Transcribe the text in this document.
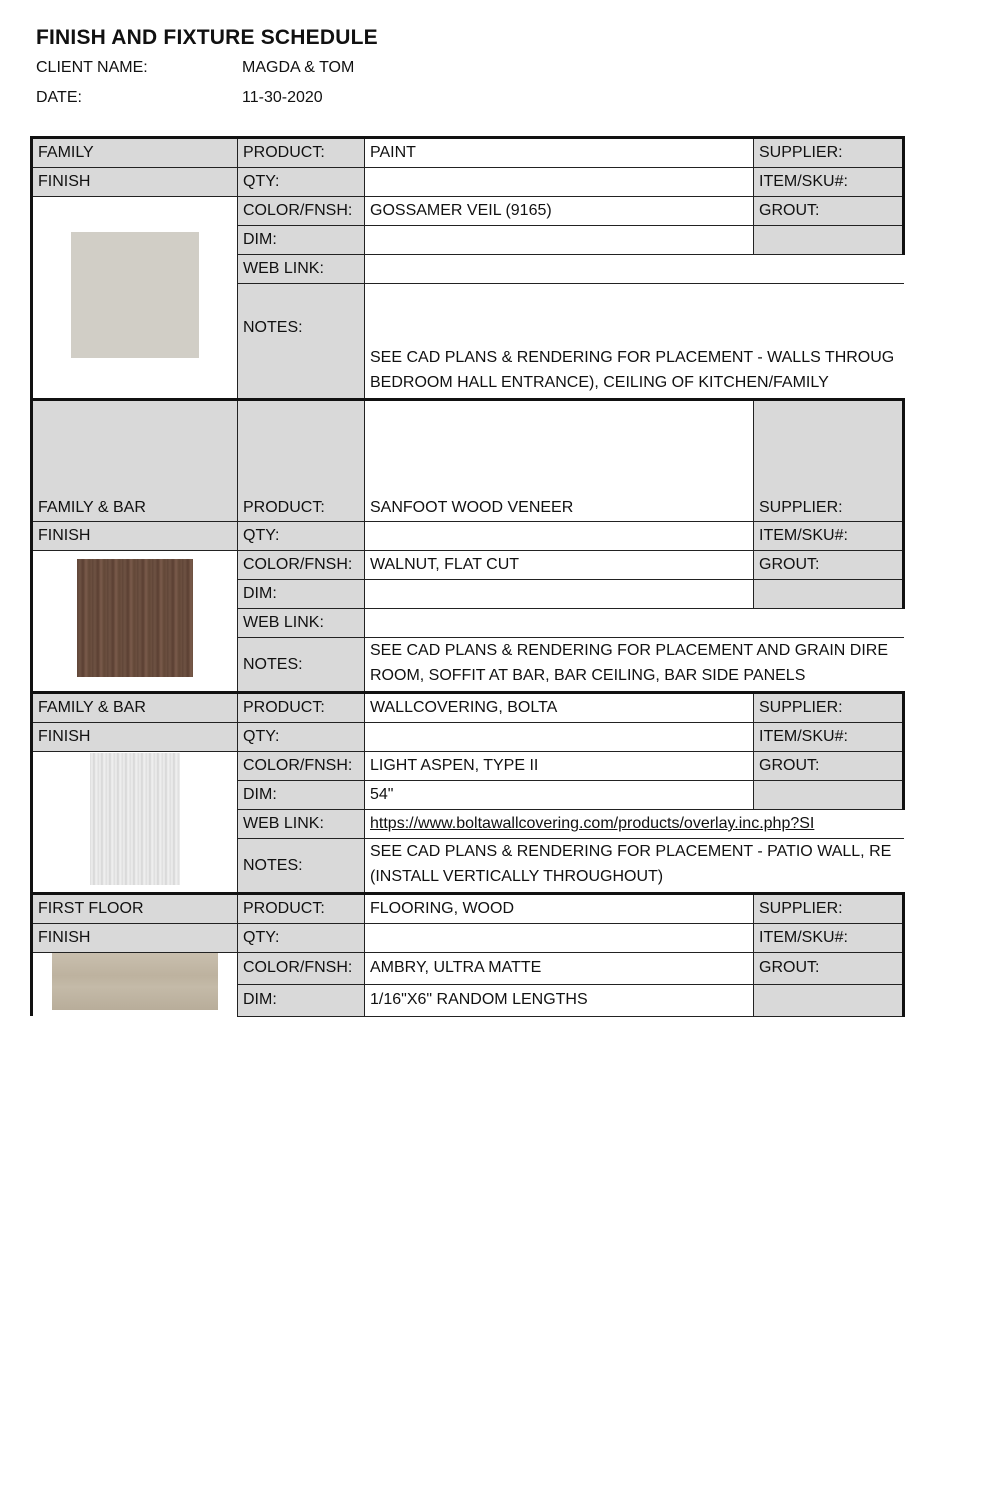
FINISH AND FIXTURE SCHEDULE
CLIENT NAME:	MAGDA & TOM
DATE:	11-30-2020
FAMILY	PRODUCT:	PAINT	SUPPLIER:
FINISH	QTY:		ITEM/SKU#:
	COLOR/FNSH:	GOSSAMER VEIL (9165)	GROUT:
	DIM:		
	WEB LINK:		
	NOTES:	SEE CAD PLANS & RENDERING FOR PLACEMENT - WALLS THROUG BEDROOM HALL ENTRANCE), CEILING OF KITCHEN/FAMILY	
FAMILY & BAR	PRODUCT:	SANFOOT WOOD VENEER	SUPPLIER:
FINISH	QTY:		ITEM/SKU#:
	COLOR/FNSH:	WALNUT, FLAT CUT	GROUT:
	DIM:		
	WEB LINK:		
	NOTES:	SEE CAD PLANS & RENDERING FOR PLACEMENT AND GRAIN DIRE ROOM, SOFFIT AT BAR, BAR CEILING, BAR SIDE PANELS	
FAMILY & BAR	PRODUCT:	WALLCOVERING, BOLTA	SUPPLIER:
FINISH	QTY:		ITEM/SKU#:
	COLOR/FNSH:	LIGHT ASPEN, TYPE II	GROUT:
	DIM:	54"	
	WEB LINK:	https://www.boltawallcovering.com/products/overlay.inc.php?SI	
	NOTES:	SEE CAD PLANS & RENDERING FOR PLACEMENT - PATIO WALL, RE (INSTALL VERTICALLY THROUGHOUT)	
FIRST FLOOR	PRODUCT:	FLOORING, WOOD	SUPPLIER:
FINISH	QTY:		ITEM/SKU#:
	COLOR/FNSH:	AMBRY, ULTRA MATTE	GROUT:
	DIM:	1/16"X6" RANDOM LENGTHS	
